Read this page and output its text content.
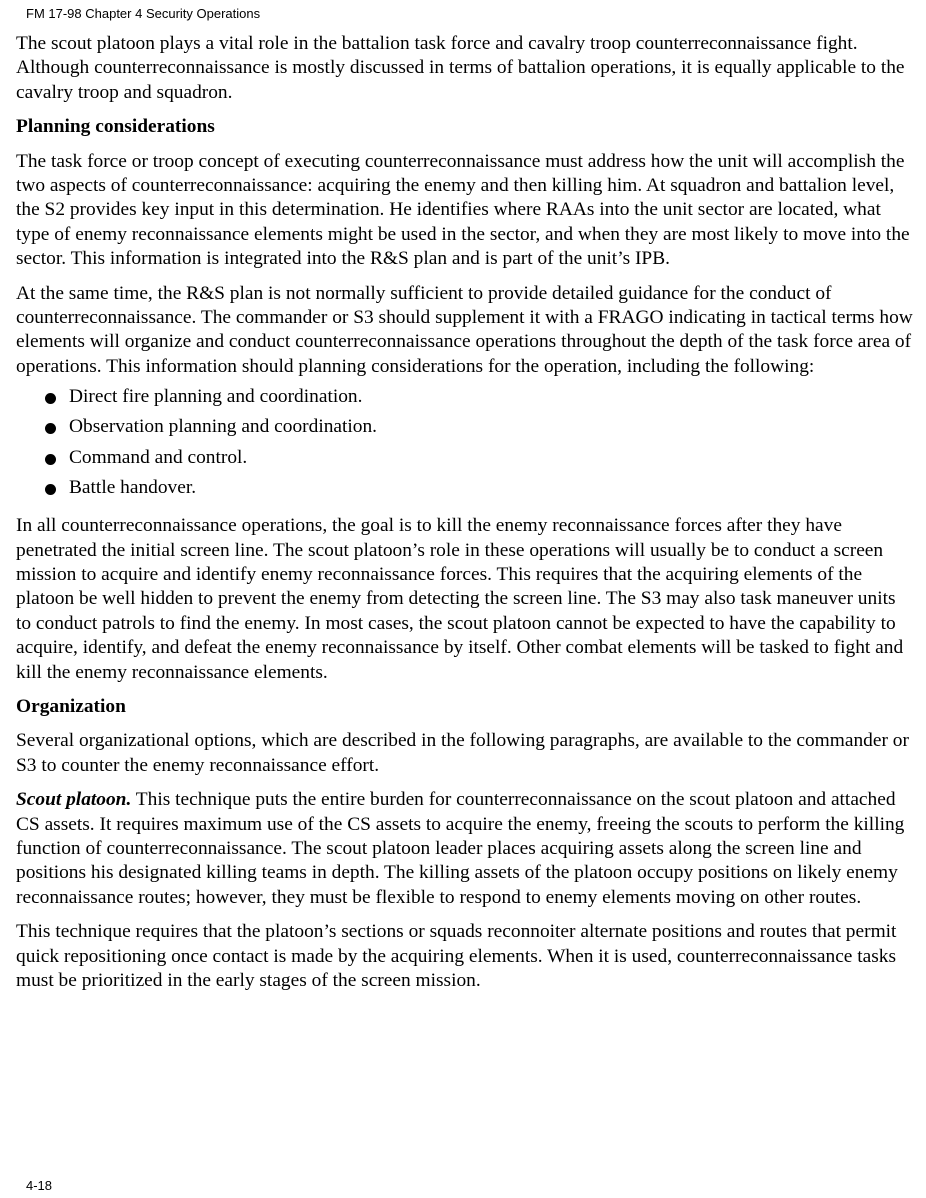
FM 17-98 Chapter 4 Security Operations

The scout platoon plays a vital role in the battalion task force and cavalry troop counterreconnaissance fight. Although counterreconnaissance is mostly discussed in terms of battalion operations, it is equally applicable to the cavalry troop and squadron.

Planning considerations

The task force or troop concept of executing counterreconnaissance must address how the unit will accomplish the two aspects of counterreconnaissance: acquiring the enemy and then killing him. At squadron and battalion level, the S2 provides key input in this determination. He identifies where RAAs into the unit sector are located, what type of enemy reconnaissance elements might be used in the sector, and when they are most likely to move into the sector. This information is integrated into the R&S plan and is part of the unit’s IPB.

At the same time, the R&S plan is not normally sufficient to provide detailed guidance for the conduct of counterreconnaissance. The commander or S3 should supplement it with a FRAGO indicating in tactical terms how elements will organize and conduct counterreconnaissance operations throughout the depth of the task force area of operations. This information should planning considerations for the operation, including the following:

Direct fire planning and coordination.
Observation planning and coordination.
Command and control.
Battle handover.

In all counterreconnaissance operations, the goal is to kill the enemy reconnaissance forces after they have penetrated the initial screen line. The scout platoon’s role in these operations will usually be to conduct a screen mission to acquire and identify enemy reconnaissance forces. This requires that the acquiring elements of the platoon be well hidden to prevent the enemy from detecting the screen line. The S3 may also task maneuver units to conduct patrols to find the enemy. In most cases, the scout platoon cannot be expected to have the capability to acquire, identify, and defeat the enemy reconnaissance by itself. Other combat elements will be tasked to fight and kill the enemy reconnaissance elements.

Organization

Several organizational options, which are described in the following paragraphs, are available to the commander or S3 to counter the enemy reconnaissance effort.

Scout platoon. This technique puts the entire burden for counterreconnaissance on the scout platoon and attached CS assets. It requires maximum use of the CS assets to acquire the enemy, freeing the scouts to perform the killing function of counterreconnaissance. The scout platoon leader places acquiring assets along the screen line and positions his designated killing teams in depth. The killing assets of the platoon occupy positions on likely enemy reconnaissance routes; however, they must be flexible to respond to enemy elements moving on other routes.

This technique requires that the platoon’s sections or squads reconnoiter alternate positions and routes that permit quick repositioning once contact is made by the acquiring elements. When it is used, counterreconnaissance tasks must be prioritized in the early stages of the screen mission.

4-18
